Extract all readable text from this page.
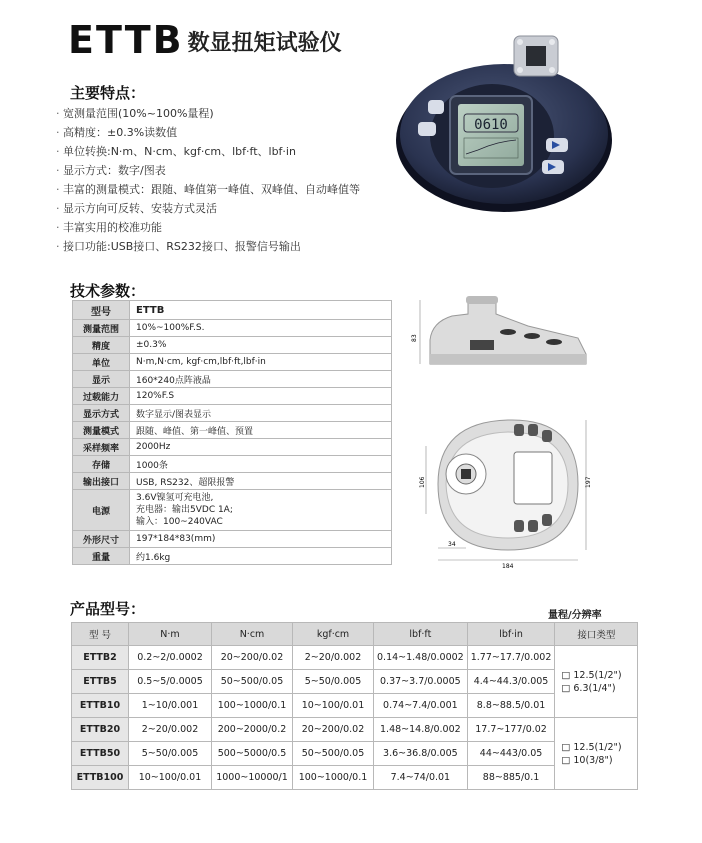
ETTB 数显扭矩试验仪
主要特点：
· 宽测量范围(10%~100%量程)
· 高精度：±0.3%读数值
· 单位转换:N·m、N·cm、kgf·cm、lbf·ft、lbf·in
· 显示方式：数字/图表
· 丰富的测量模式：跟随、峰值第一峰值、双峰值、自动峰值等
· 显示方向可反转、安装方式灵活
· 丰富实用的校准功能
· 接口功能:USB接口、RS232接口、报警信号输出
0610
技术参数：
型号	ETTB
测量范围	10%~100%F.S.
精度	±0.3%
单位	N·m,N·cm, kgf·cm,lbf·ft,lbf·in
显示	160*240点阵液晶
过载能力	120%F.S
显示方式	数字显示/图表显示
测量模式	跟随、峰值、第一峰值、预置
采样频率	2000Hz
存储	1000条
输出接口	USB, RS232、超限报警
电源	3.6V镍氢可充电池,
充电器：输出5VDC 1A;
输入：100~240VAC

外形尺寸	197*184*83(mm)
重量	约1.6kg
83
106	197
184
34
产品型号：	量程/分辨率
型 号	N·m	N·cm	kgf·cm	lbf·ft	lbf·in	接口类型
ETTB2	0.2~2/0.0002	20~200/0.02	2~20/0.002	0.14~1.48/0.0002	1.77~17.7/0.002	□ 12.5(1/2")
□ 6.3(1/4")

ETTB5	0.5~5/0.0005	50~500/0.05	5~50/0.005	0.37~3.7/0.0005	4.4~44.3/0.005	
ETTB10	1~10/0.001	100~1000/0.1	10~100/0.01	0.74~7.4/0.001	8.8~88.5/0.01	
ETTB20	2~20/0.002	200~2000/0.2	20~200/0.02	1.48~14.8/0.002	17.7~177/0.02	□ 12.5(1/2")
□ 10(3/8")

ETTB50	5~50/0.005	500~5000/0.5	50~500/0.05	3.6~36.8/0.005	44~443/0.05	
ETTB100	10~100/0.01	1000~10000/1	100~1000/0.1	7.4~74/0.01	88~885/0.1	
